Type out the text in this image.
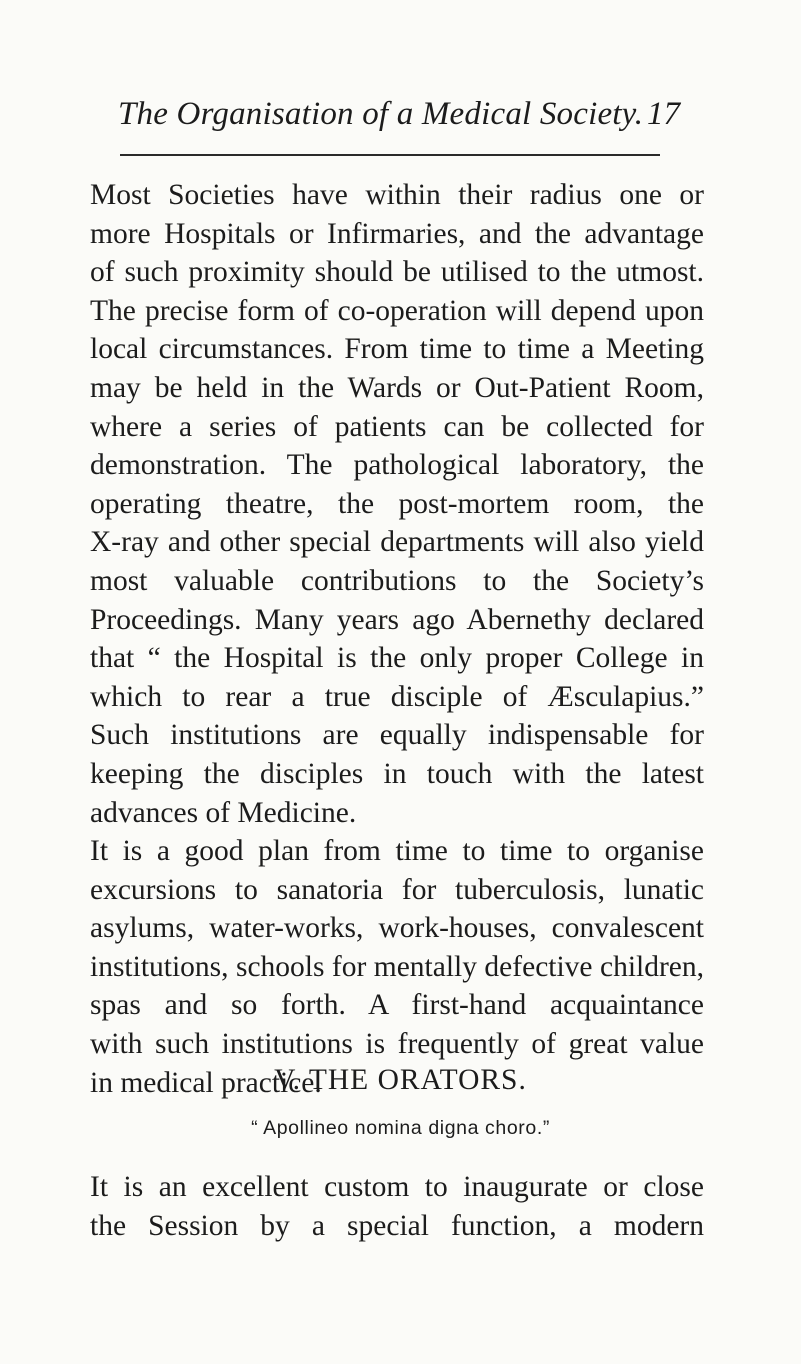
The Organisation of a Medical Society. 17
Most Societies have within their radius one or
more Hospitals or Infirmaries, and the advantage
of such proximity should be utilised to the utmost.
The precise form of co-operation will depend upon
local circumstances. From time to time a Meeting
may be held in the Wards or Out-Patient Room,
where a series of patients can be collected for
demonstration. The pathological laboratory, the
operating theatre, the post-mortem room, the
X-ray and other special departments will also yield
most valuable contributions to the Society’s
Proceedings. Many years ago Abernethy declared
that “ the Hospital is the only proper College in
which to rear a true disciple of Æsculapius.”
Such institutions are equally indispensable for
keeping the disciples in touch with the latest
advances of Medicine.
It is a good plan from time to time to organise
excursions to sanatoria for tuberculosis, lunatic
asylums, water-works, work-houses, convalescent
institutions, schools for mentally defective children,
spas and so forth. A first-hand acquaintance
with such institutions is frequently of great value
in medical practice.
V. THE ORATORS.
“ Apollineo nomina digna choro.”
It is an excellent custom to inaugurate or close
the Session by a special function, a modern
